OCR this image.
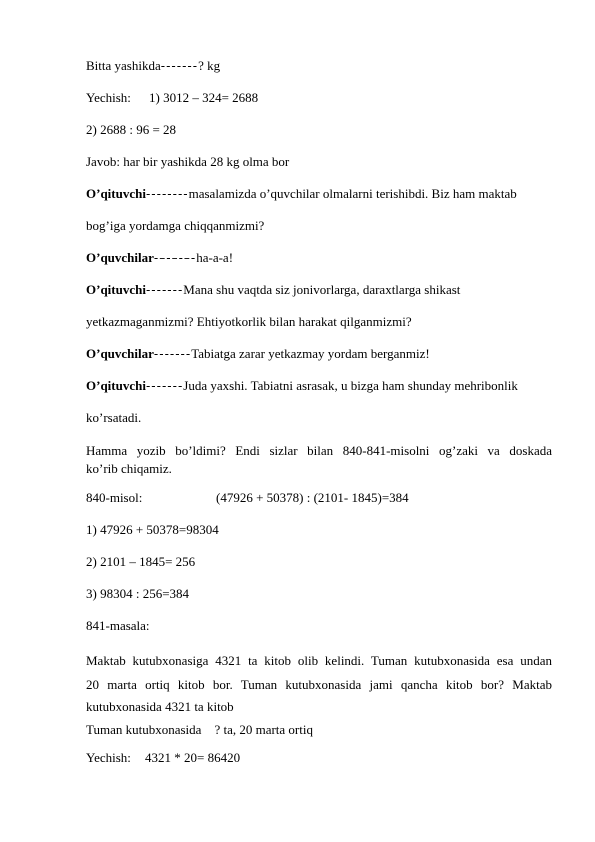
Bitta yashikda-------? kg
Yechish: 1) 3012 – 324= 2688
2) 2688 : 96 = 28
Javob: har bir yashikda 28 kg olma bor
O’qituvchi--------masalamizda o’quvchilar olmalarni terishibdi. Biz ham maktab
bog’iga yordamga chiqqanmizmi?
O’quvchilar-–-–-–-ha-a-a!
O’qituvchi-------Mana shu vaqtda siz jonivorlarga, daraxtlarga shikast
yetkazmaganmizmi? Ehtiyotkorlik bilan harakat qilganmizmi?
O’quvchilar-------Tabiatga zarar yetkazmay yordam berganmiz!
O’qituvchi-------Juda yaxshi. Tabiatni asrasak, u bizga ham shunday mehribonlik
ko’rsatadi.
Hamma yozib bo’ldimi? Endi sizlar bilan 840-841-misolni og’zaki va doskada
ko’rib chiqamiz.
840-misol:	(47926 + 50378) : (2101- 1845)=384
1) 47926 + 50378=98304
2) 2101 – 1845= 256
3) 98304 : 256=384
841-masala:
Maktab kutubxonasiga 4321 ta kitob olib kelindi. Tuman kutubxonasida esa undan
20 marta ortiq kitob bor. Tuman kutubxonasida jami qancha kitob bor? Maktab
kutubxonasida 4321 ta kitob
Tuman kutubxonasida    ? ta, 20 marta ortiq
Yechish: 4321 * 20= 86420
